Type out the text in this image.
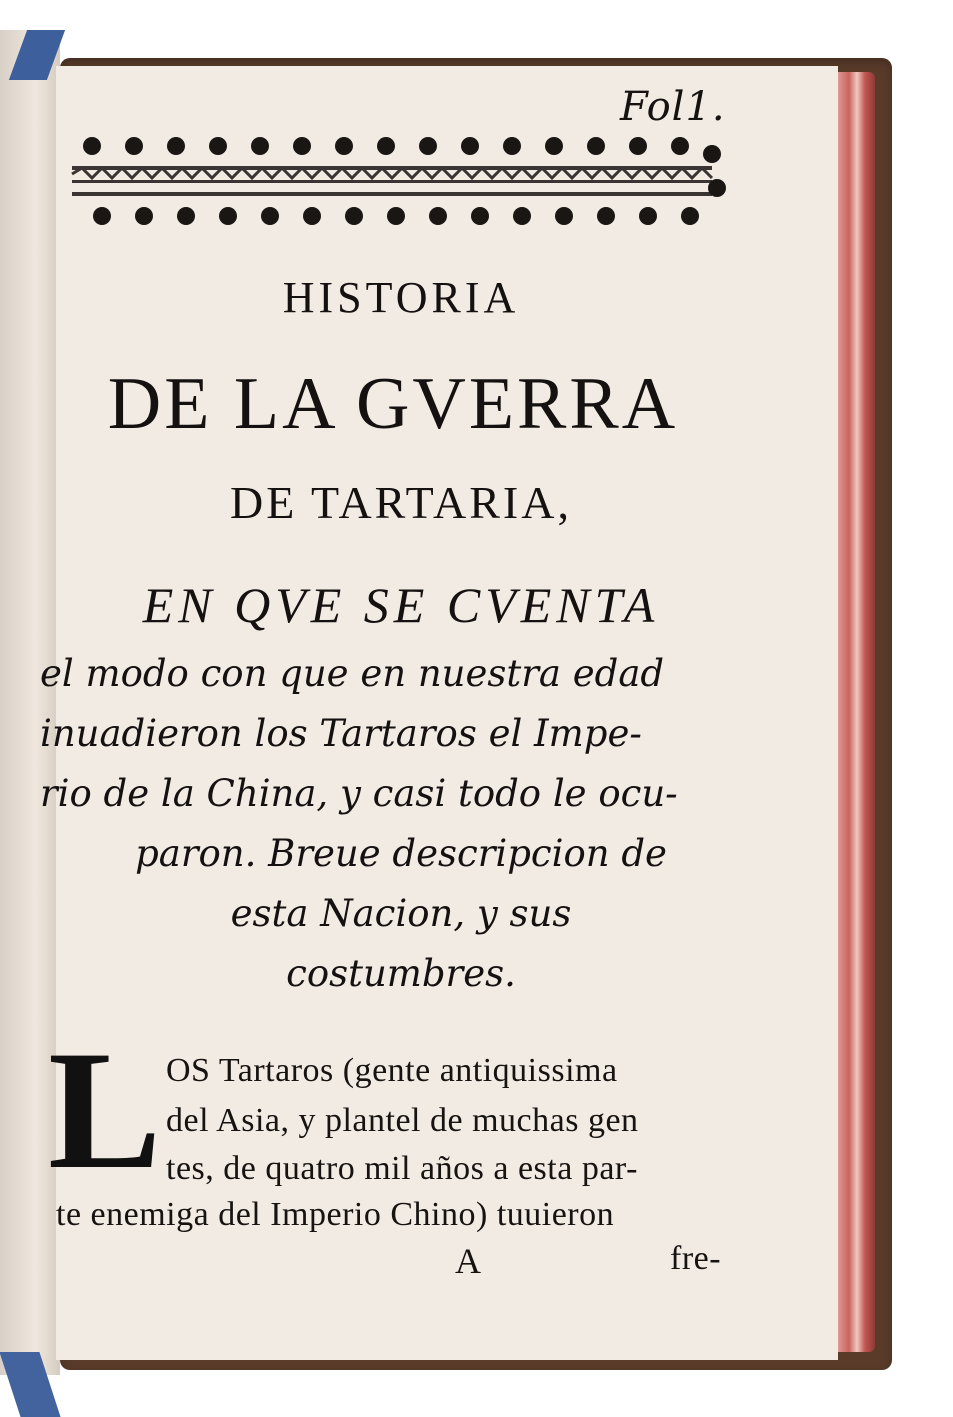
Fol1.
HISTORIA
DE LA GVERRA
DE TARTARIA,
EN QVE SE CVENTA
el modo con que en nuestra edad
inuadieron los Tartaros el Impe-
rio de la China, y casi todo le ocu-
paron. Breue descripcion de
esta Nacion, y sus
costumbres.
L OS Tartaros (gente antiquissima
del Asia, y plantel de muchas gen
tes, de quatro mil años a esta par-
te enemiga del Imperio Chino) tuuieron
A	fre-
